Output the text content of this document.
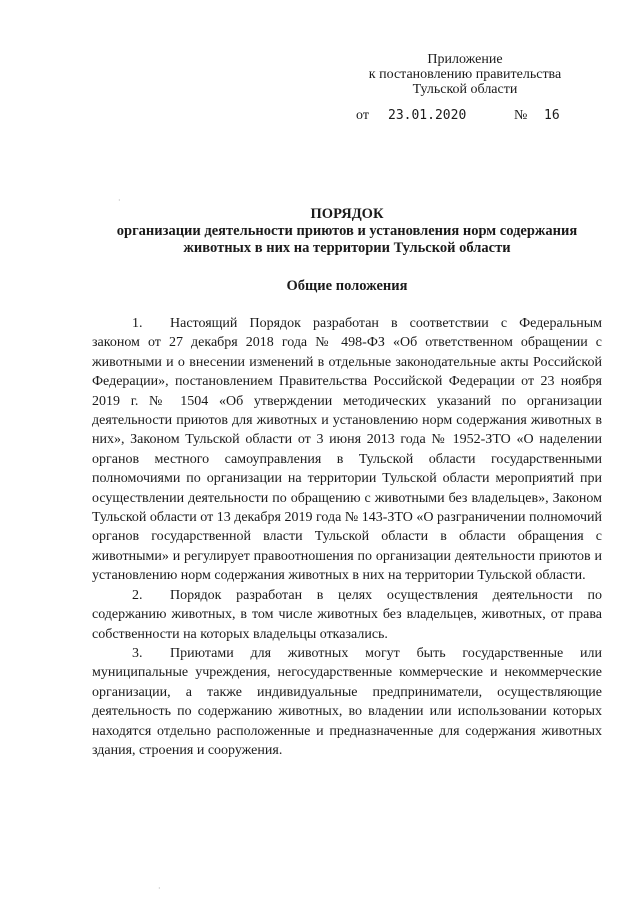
Приложение
к постановлению правительства
Тульской области
от 23.01.2020	№ 16
ПОРЯДОК
организации деятельности приютов и установления норм содержания
животных в них на территории Тульской области
Общие положения

1. Настоящий Порядок разработан в соответствии с Федеральным законом от 27 декабря 2018 года № 498-ФЗ «Об ответственном обращении с животными и о внесении изменений в отдельные законодательные акты Российской Федерации», постановлением Правительства Российской Федерации от 23 ноября 2019 г. № 1504 «Об утверждении методических указаний по организации деятельности приютов для животных и установлению норм содержания животных в них», Законом Тульской области от 3 июня 2013 года № 1952-ЗТО «О наделении органов местного самоуправления в Тульской области государственными полномочиями по организации на территории Тульской области мероприятий при осуществлении деятельности по обращению с животными без владельцев», Законом Тульской области от 13 декабря 2019 года № 143-ЗТО «О разграничении полномочий органов государственной власти Тульской области в области обращения с животными» и регулирует правоотношения по организации деятельности приютов и установлению норм содержания животных в них на территории Тульской области.

2. Порядок разработан в целях осуществления деятельности по содержанию животных, в том числе животных без владельцев, животных, от права собственности на которых владельцы отказались.

3. Приютами для животных могут быть государственные или муниципальные учреждения, негосударственные коммерческие и некоммерческие организации, а также индивидуальные предприниматели, осуществляющие деятельность по содержанию животных, во владении или использовании которых находятся отдельно расположенные и предназначенные для содержания животных здания, строения и сооружения.

·
·
